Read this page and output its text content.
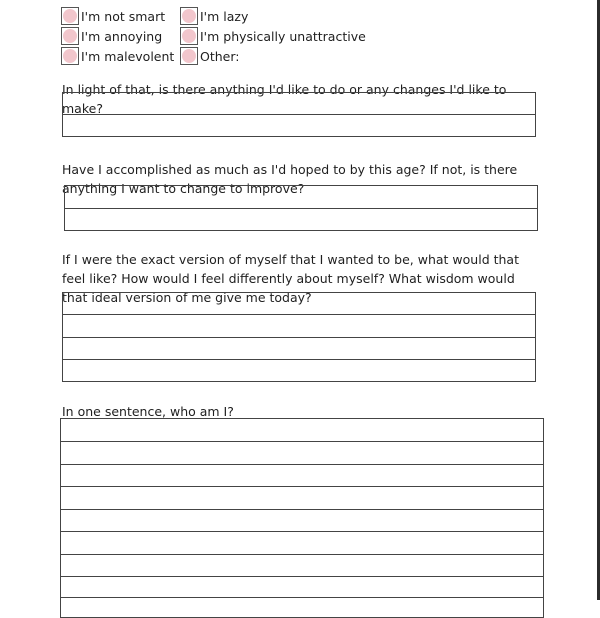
I'm not smart
I'm annoying
I'm malevolent
I'm lazy
I'm physically unattractive
Other:

In light of that, is there anything I'd like to do or any changes I'd like to make?

Have I accomplished as much as I'd hoped to by this age? If not, is there anything I want to change to improve?

If I were the exact version of myself that I wanted to be, what would that feel like? How would I feel differently about myself? What wisdom would that ideal version of me give me today?

In one sentence, who am I?
